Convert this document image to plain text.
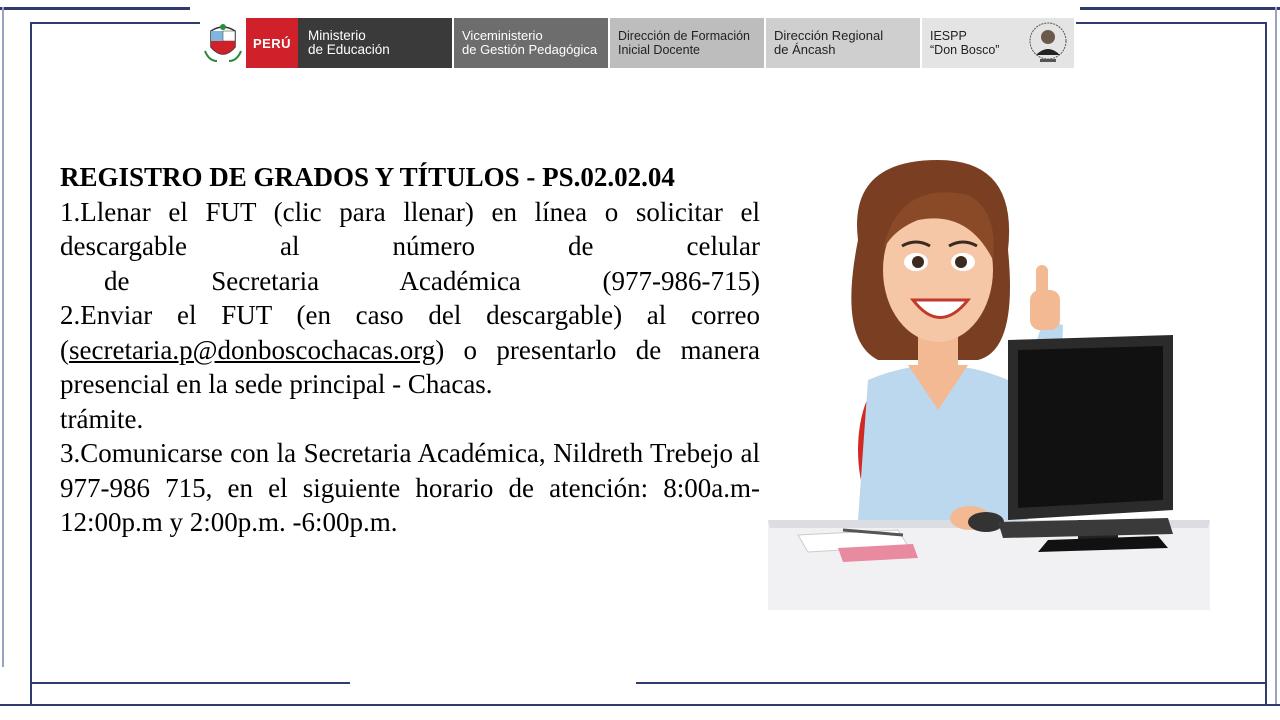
PERÚ	Ministerio
de Educación
Viceministerio
de Gestión Pedagógica
Dirección de Formación
Inicial Docente
Dirección Regional
de Áncash
IESPP
“Don Bosco”

REGISTRO DE GRADOS Y TÍTULOS - PS.02.02.04

1.Llenar el FUT (clic para llenar) en línea o solicitar el descargable al número de celular

de Secretaria Académica (977-986-715)

2.Enviar el FUT (en caso del descargable) al correo (secretaria.p@donboscochacas.org) o presentarlo de manera presencial en la sede principal - Chacas.

trámite.

3.Comunicarse con la Secretaria Académica, Nildreth Trebejo al 977-986 715, en el siguiente horario de atención: 8:00a.m-12:00p.m y 2:00p.m. -6:00p.m.
